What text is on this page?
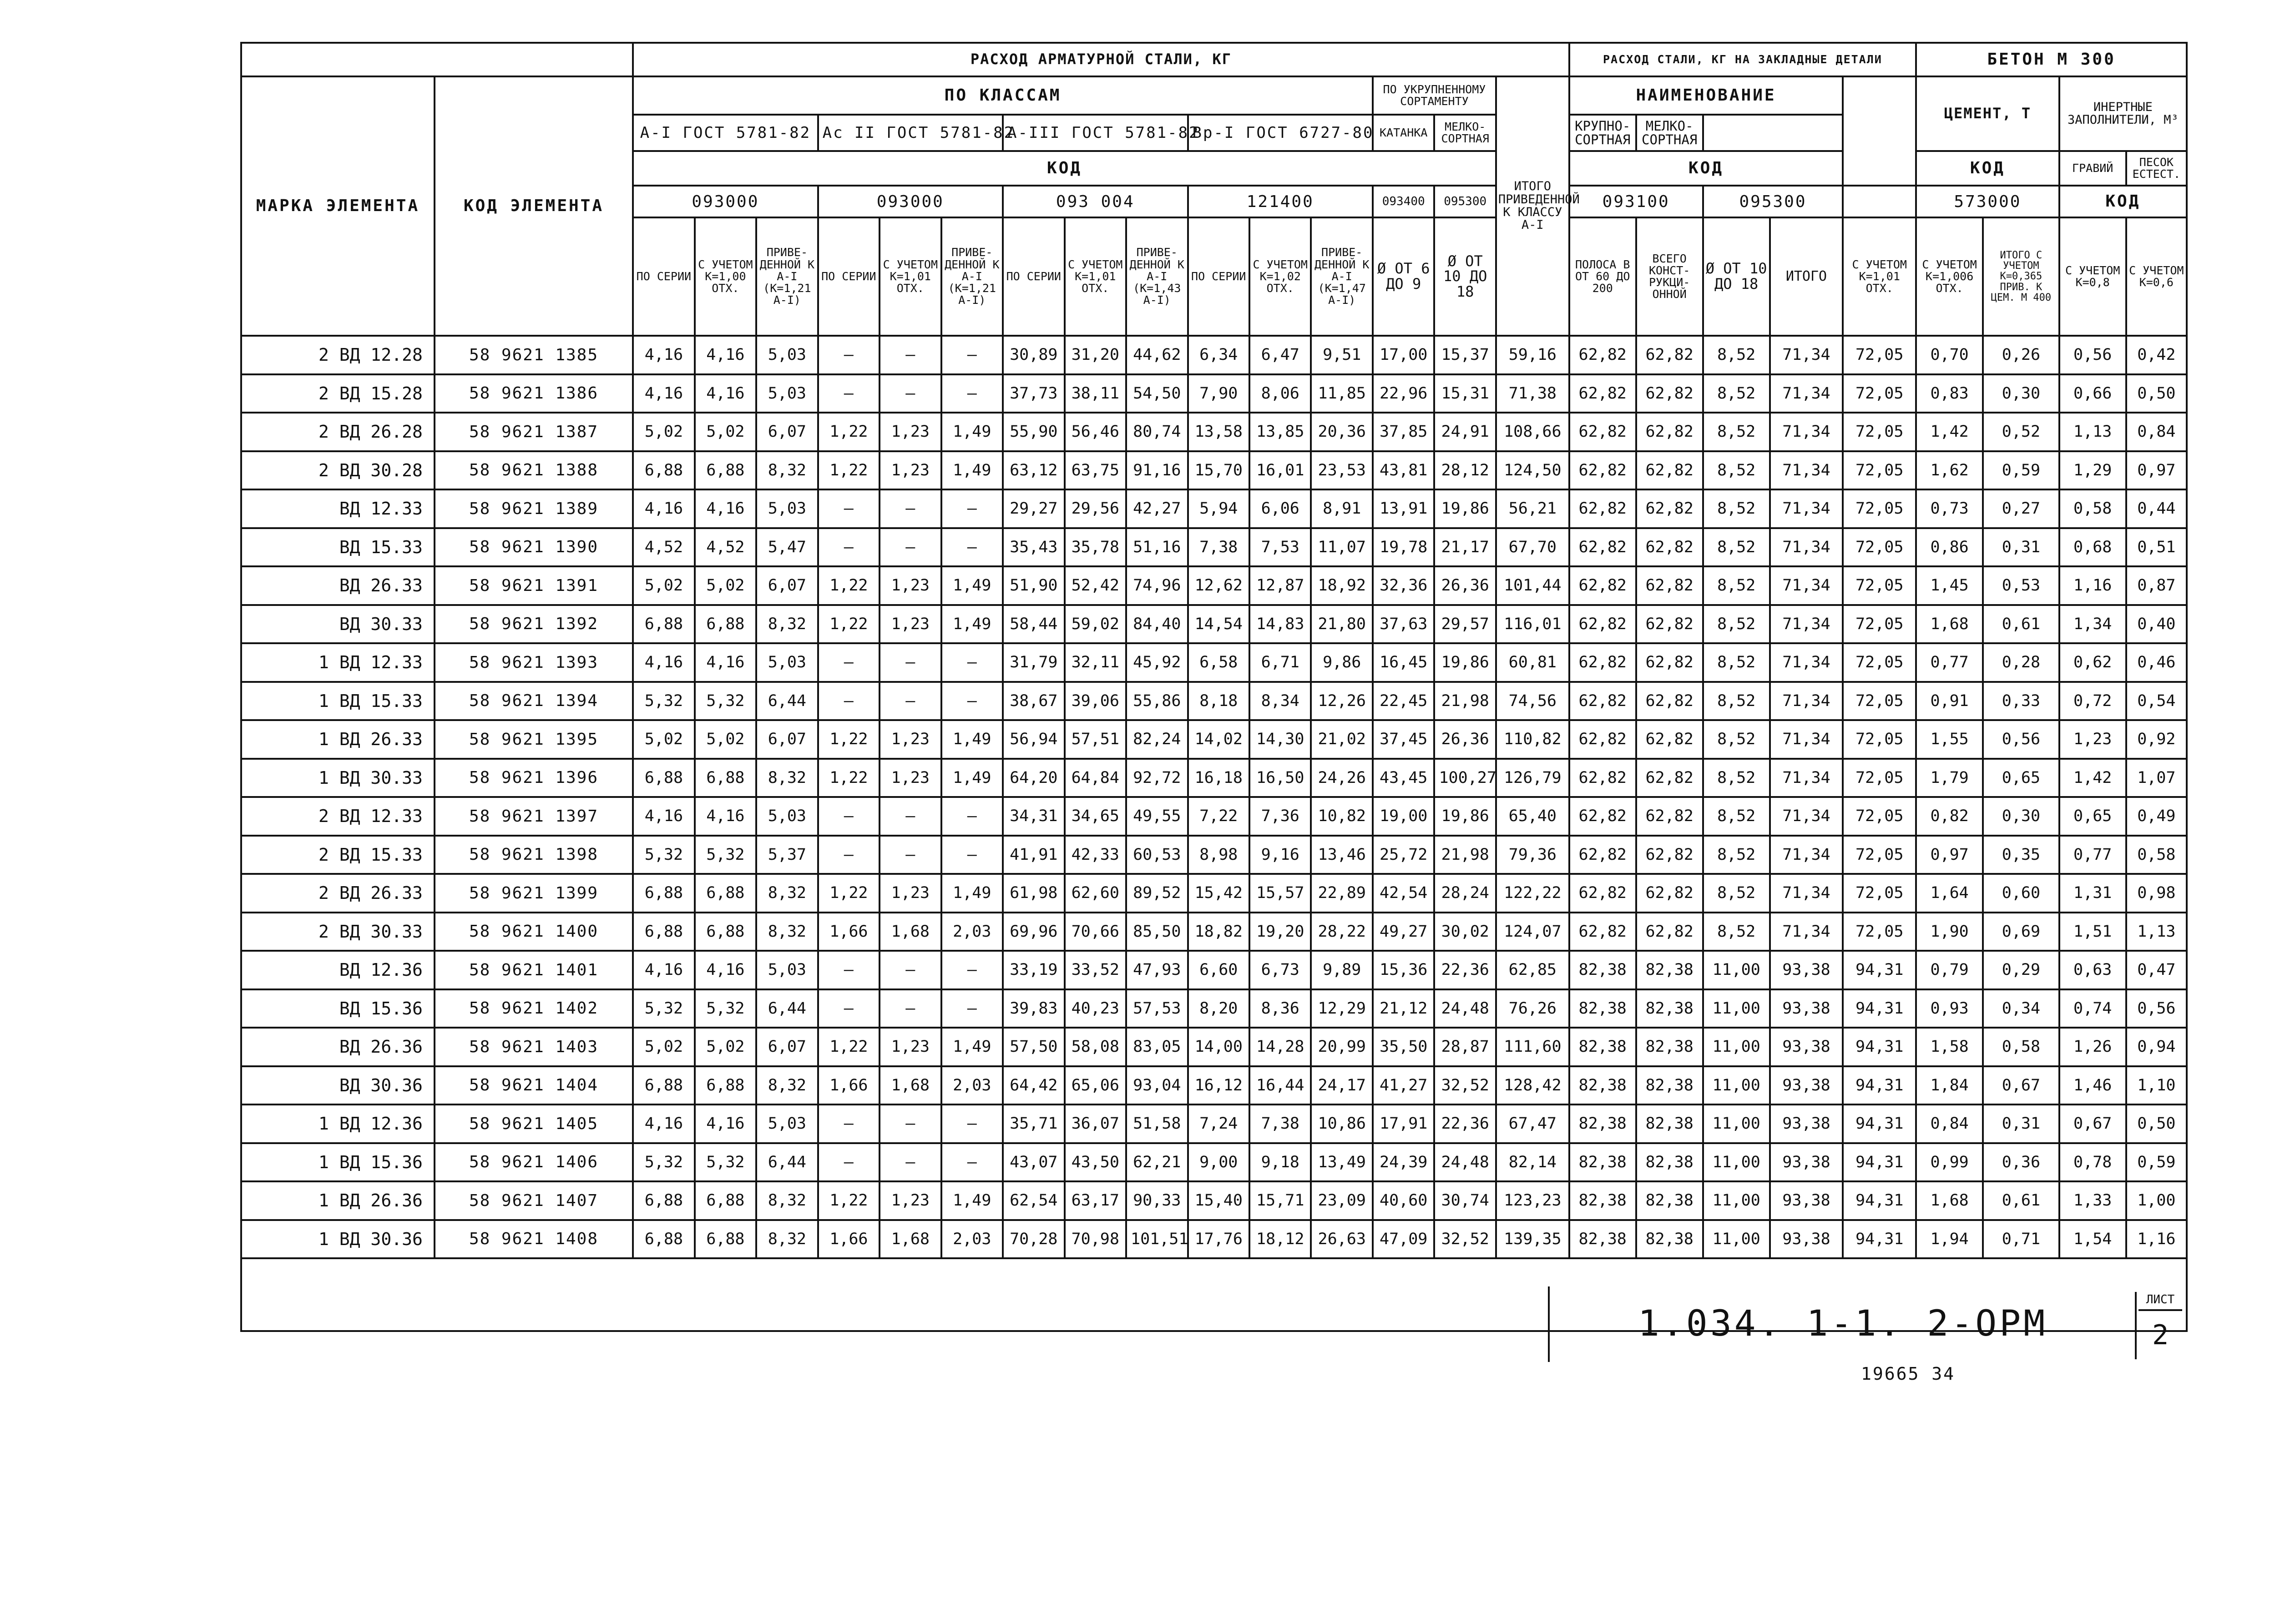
		РАСХОД АРМАТУРНОЙ СТАЛИ, КГ															РАСХОД СТАЛИ, КГ НА ЗАКЛАДНЫЕ ДЕТАЛИ					БЕТОН М 300			
МАРКА ЭЛЕМЕНТА	КОД ЭЛЕМЕНТА	ПО КЛАССАМ												ПО УКРУПНЕННОМУ СОРТАМЕНТУ		ИТОГО ПРИВЕДЕННОЙ К КЛАССУ А-I	НАИМЕНОВАНИЕ					ЦЕМЕНТ, Т		ИНЕРТНЫЕ ЗАПОЛНИТЕЛИ, М³	
		А-I ГОСТ 5781-82			Ас II ГОСТ 5781-82			А-III ГОСТ 5781-82			Вр-I ГОСТ 6727-80			КАТАНКА	МЕЛКО-СОРТНАЯ		КРУПНО-СОРТНАЯ	МЕЛКО-СОРТНАЯ							
		КОД															КОД					КОД		ГРАВИЙ	ПЕСОК ЕСТЕСТ.
		093000			093000			093 004			121400			093400	095300		093100		095300			573000		КОД	
		ПО СЕРИИ	С УЧЕТОМ К=1,00 ОТХ.	ПРИВЕ-ДЕННОЙ К А-I (К=1,21 А-I)	ПО СЕРИИ	С УЧЕТОМ К=1,01 ОТХ.	ПРИВЕ-ДЕННОЙ К А-I (К=1,21 А-I)	ПО СЕРИИ	С УЧЕТОМ К=1,01 ОТХ.	ПРИВЕ-ДЕННОЙ К А-I (К=1,43 А-I)	ПО СЕРИИ	С УЧЕТОМ К=1,02 ОТХ.	ПРИВЕ-ДЕННОЙ К А-I (К=1,47 А-I)	Ø ОТ 6 ДО 9	Ø ОТ 10 ДО 18		ПОЛОСА В ОТ 60 ДО 200	ВСЕГО КОНСТ-РУКЦИ-ОННОЙ	Ø ОТ 10 ДО 18	ИТОГО	С УЧЕТОМ К=1,01 ОТХ.	С УЧЕТОМ К=1,006 ОТХ.	ИТОГО С УЧЕТОМ К=0,365 ПРИВ. К ЦЕМ. М 400	С УЧЕТОМ К=0,8	С УЧЕТОМ К=0,6
2 ВД 12.28	58 9621 1385	4,16	4,16	5,03	–	–	–	30,89	31,20	44,62	6,34	6,47	9,51	17,00	15,37	59,16	62,82	62,82	8,52	71,34	72,05	0,70	0,26	0,56	0,42
2 ВД 15.28	58 9621 1386	4,16	4,16	5,03	–	–	–	37,73	38,11	54,50	7,90	8,06	11,85	22,96	15,31	71,38	62,82	62,82	8,52	71,34	72,05	0,83	0,30	0,66	0,50
2 ВД 26.28	58 9621 1387	5,02	5,02	6,07	1,22	1,23	1,49	55,90	56,46	80,74	13,58	13,85	20,36	37,85	24,91	108,66	62,82	62,82	8,52	71,34	72,05	1,42	0,52	1,13	0,84
2 ВД 30.28	58 9621 1388	6,88	6,88	8,32	1,22	1,23	1,49	63,12	63,75	91,16	15,70	16,01	23,53	43,81	28,12	124,50	62,82	62,82	8,52	71,34	72,05	1,62	0,59	1,29	0,97
ВД 12.33	58 9621 1389	4,16	4,16	5,03	–	–	–	29,27	29,56	42,27	5,94	6,06	8,91	13,91	19,86	56,21	62,82	62,82	8,52	71,34	72,05	0,73	0,27	0,58	0,44
ВД 15.33	58 9621 1390	4,52	4,52	5,47	–	–	–	35,43	35,78	51,16	7,38	7,53	11,07	19,78	21,17	67,70	62,82	62,82	8,52	71,34	72,05	0,86	0,31	0,68	0,51
ВД 26.33	58 9621 1391	5,02	5,02	6,07	1,22	1,23	1,49	51,90	52,42	74,96	12,62	12,87	18,92	32,36	26,36	101,44	62,82	62,82	8,52	71,34	72,05	1,45	0,53	1,16	0,87
ВД 30.33	58 9621 1392	6,88	6,88	8,32	1,22	1,23	1,49	58,44	59,02	84,40	14,54	14,83	21,80	37,63	29,57	116,01	62,82	62,82	8,52	71,34	72,05	1,68	0,61	1,34	0,40
1 ВД 12.33	58 9621 1393	4,16	4,16	5,03	–	–	–	31,79	32,11	45,92	6,58	6,71	9,86	16,45	19,86	60,81	62,82	62,82	8,52	71,34	72,05	0,77	0,28	0,62	0,46
1 ВД 15.33	58 9621 1394	5,32	5,32	6,44	–	–	–	38,67	39,06	55,86	8,18	8,34	12,26	22,45	21,98	74,56	62,82	62,82	8,52	71,34	72,05	0,91	0,33	0,72	0,54
1 ВД 26.33	58 9621 1395	5,02	5,02	6,07	1,22	1,23	1,49	56,94	57,51	82,24	14,02	14,30	21,02	37,45	26,36	110,82	62,82	62,82	8,52	71,34	72,05	1,55	0,56	1,23	0,92
1 ВД 30.33	58 9621 1396	6,88	6,88	8,32	1,22	1,23	1,49	64,20	64,84	92,72	16,18	16,50	24,26	43,45	100,27	126,79	62,82	62,82	8,52	71,34	72,05	1,79	0,65	1,42	1,07
2 ВД 12.33	58 9621 1397	4,16	4,16	5,03	–	–	–	34,31	34,65	49,55	7,22	7,36	10,82	19,00	19,86	65,40	62,82	62,82	8,52	71,34	72,05	0,82	0,30	0,65	0,49
2 ВД 15.33	58 9621 1398	5,32	5,32	5,37	–	–	–	41,91	42,33	60,53	8,98	9,16	13,46	25,72	21,98	79,36	62,82	62,82	8,52	71,34	72,05	0,97	0,35	0,77	0,58
2 ВД 26.33	58 9621 1399	6,88	6,88	8,32	1,22	1,23	1,49	61,98	62,60	89,52	15,42	15,57	22,89	42,54	28,24	122,22	62,82	62,82	8,52	71,34	72,05	1,64	0,60	1,31	0,98
2 ВД 30.33	58 9621 1400	6,88	6,88	8,32	1,66	1,68	2,03	69,96	70,66	85,50	18,82	19,20	28,22	49,27	30,02	124,07	62,82	62,82	8,52	71,34	72,05	1,90	0,69	1,51	1,13
ВД 12.36	58 9621 1401	4,16	4,16	5,03	–	–	–	33,19	33,52	47,93	6,60	6,73	9,89	15,36	22,36	62,85	82,38	82,38	11,00	93,38	94,31	0,79	0,29	0,63	0,47
ВД 15.36	58 9621 1402	5,32	5,32	6,44	–	–	–	39,83	40,23	57,53	8,20	8,36	12,29	21,12	24,48	76,26	82,38	82,38	11,00	93,38	94,31	0,93	0,34	0,74	0,56
ВД 26.36	58 9621 1403	5,02	5,02	6,07	1,22	1,23	1,49	57,50	58,08	83,05	14,00	14,28	20,99	35,50	28,87	111,60	82,38	82,38	11,00	93,38	94,31	1,58	0,58	1,26	0,94
ВД 30.36	58 9621 1404	6,88	6,88	8,32	1,66	1,68	2,03	64,42	65,06	93,04	16,12	16,44	24,17	41,27	32,52	128,42	82,38	82,38	11,00	93,38	94,31	1,84	0,67	1,46	1,10
1 ВД 12.36	58 9621 1405	4,16	4,16	5,03	–	–	–	35,71	36,07	51,58	7,24	7,38	10,86	17,91	22,36	67,47	82,38	82,38	11,00	93,38	94,31	0,84	0,31	0,67	0,50
1 ВД 15.36	58 9621 1406	5,32	5,32	6,44	–	–	–	43,07	43,50	62,21	9,00	9,18	13,49	24,39	24,48	82,14	82,38	82,38	11,00	93,38	94,31	0,99	0,36	0,78	0,59
1 ВД 26.36	58 9621 1407	6,88	6,88	8,32	1,22	1,23	1,49	62,54	63,17	90,33	15,40	15,71	23,09	40,60	30,74	123,23	82,38	82,38	11,00	93,38	94,31	1,68	0,61	1,33	1,00
1 ВД 30.36	58 9621 1408	6,88	6,88	8,32	1,66	1,68	2,03	70,28	70,98	101,51	17,76	18,12	26,63	47,09	32,52	139,35	82,38	82,38	11,00	93,38	94,31	1,94	0,71	1,54	1,16

1.034. 1-1. 2-ОРМ
ЛИСТ
2
19665 34
